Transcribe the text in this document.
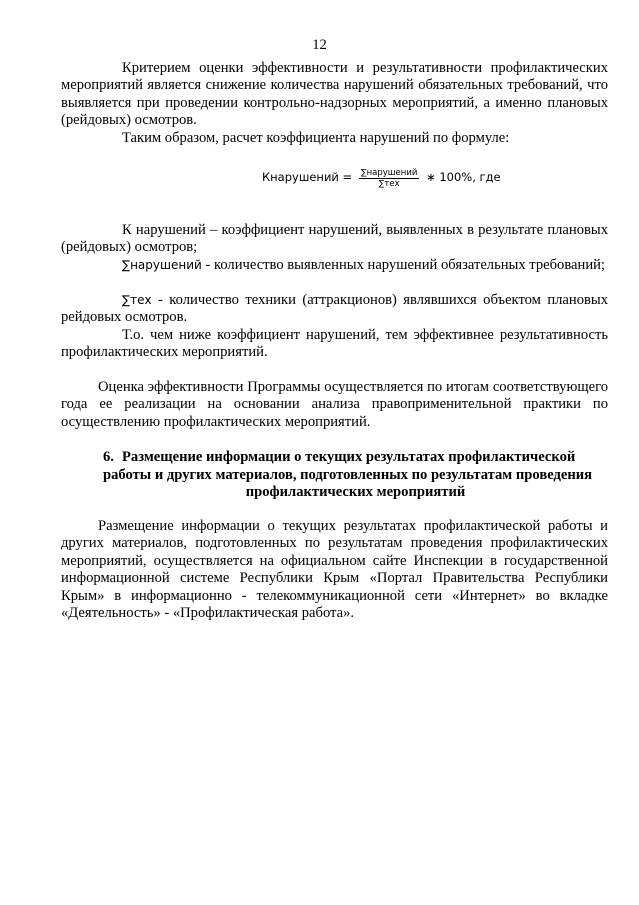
12
Критерием оценки эффективности и результативности профилактических мероприятий является снижение количества нарушений обязательных требований, что выявляется при проведении контрольно-надзорных мероприятий, а именно плановых (рейдовых) осмотров.
Таким образом, расчет коэффициента нарушений по формуле:
Кнарушений = $\frac{\text{∑нарушений}}{\text{∑тех}}$ ∗ 100%, где
К нарушений – коэффициент нарушений, выявленных в результате плановых (рейдовых) осмотров;
∑нарушений - количество выявленных нарушений обязательных требований;
∑тех - количество техники (аттракционов) являвшихся объектом плановых рейдовых осмотров.
Т.о. чем ниже коэффициент нарушений, тем эффективнее результативность профилактических мероприятий.
Оценка эффективности Программы осуществляется по итогам соответствующего года ее реализации на основании анализа правоприменительной практики по осуществлению профилактических мероприятий.
6. Размещение информации о текущих результатах профилактической
работы и других материалов, подготовленных по результатам проведения
профилактических мероприятий
Размещение информации о текущих результатах профилактической работы и других материалов, подготовленных по результатам проведения профилактических мероприятий, осуществляется на официальном сайте Инспекции в государственной информационной системе Республики Крым «Портал Правительства Республики Крым» в информационно - телекоммуникационной сети «Интернет» во вкладке «Деятельность» - «Профилактическая работа».
